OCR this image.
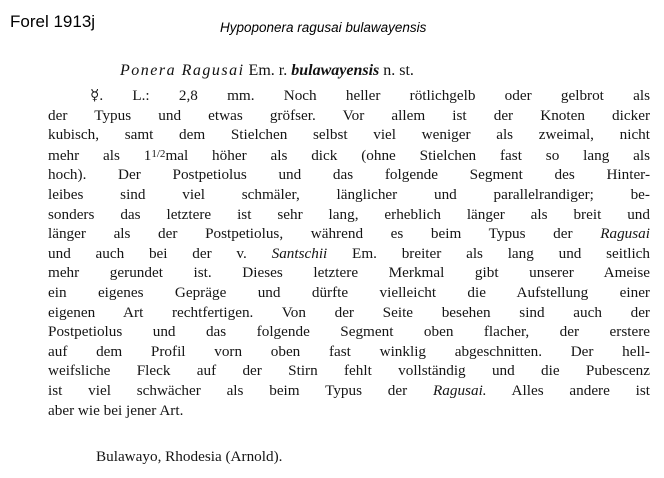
Forel 1913j	Hypoponera ragusai bulawayensis
Ponera Ragusai Em. r. bulawayensis n. st.
☿. L.: 2,8 mm. Noch heller rötlichgelb oder gelbrot als
der Typus und etwas gröfser. Vor allem ist der Knoten dicker
kubisch, samt dem Stielchen selbst viel weniger als zweimal, nicht
mehr als 11/2mal höher als dick (ohne Stielchen fast so lang als
hoch). Der Postpetiolus und das folgende Segment des Hinter-
leibes sind viel schmäler, länglicher und parallelrandiger; be-
sonders das letztere ist sehr lang, erheblich länger als breit und
länger als der Postpetiolus, während es beim Typus der Ragusai
und auch bei der v. Santschii Em. breiter als lang und seitlich
mehr gerundet ist. Dieses letztere Merkmal gibt unserer Ameise
ein eigenes Gepräge und dürfte vielleicht die Aufstellung einer
eigenen Art rechtfertigen. Von der Seite besehen sind auch der
Postpetiolus und das folgende Segment oben flacher, der erstere
auf dem Profil vorn oben fast winklig abgeschnitten. Der hell-
weifsliche Fleck auf der Stirn fehlt vollständig und die Pubescenz
ist viel schwächer als beim Typus der Ragusai. Alles andere ist
aber wie bei jener Art.
Bulawayo, Rhodesia (Arnold).
